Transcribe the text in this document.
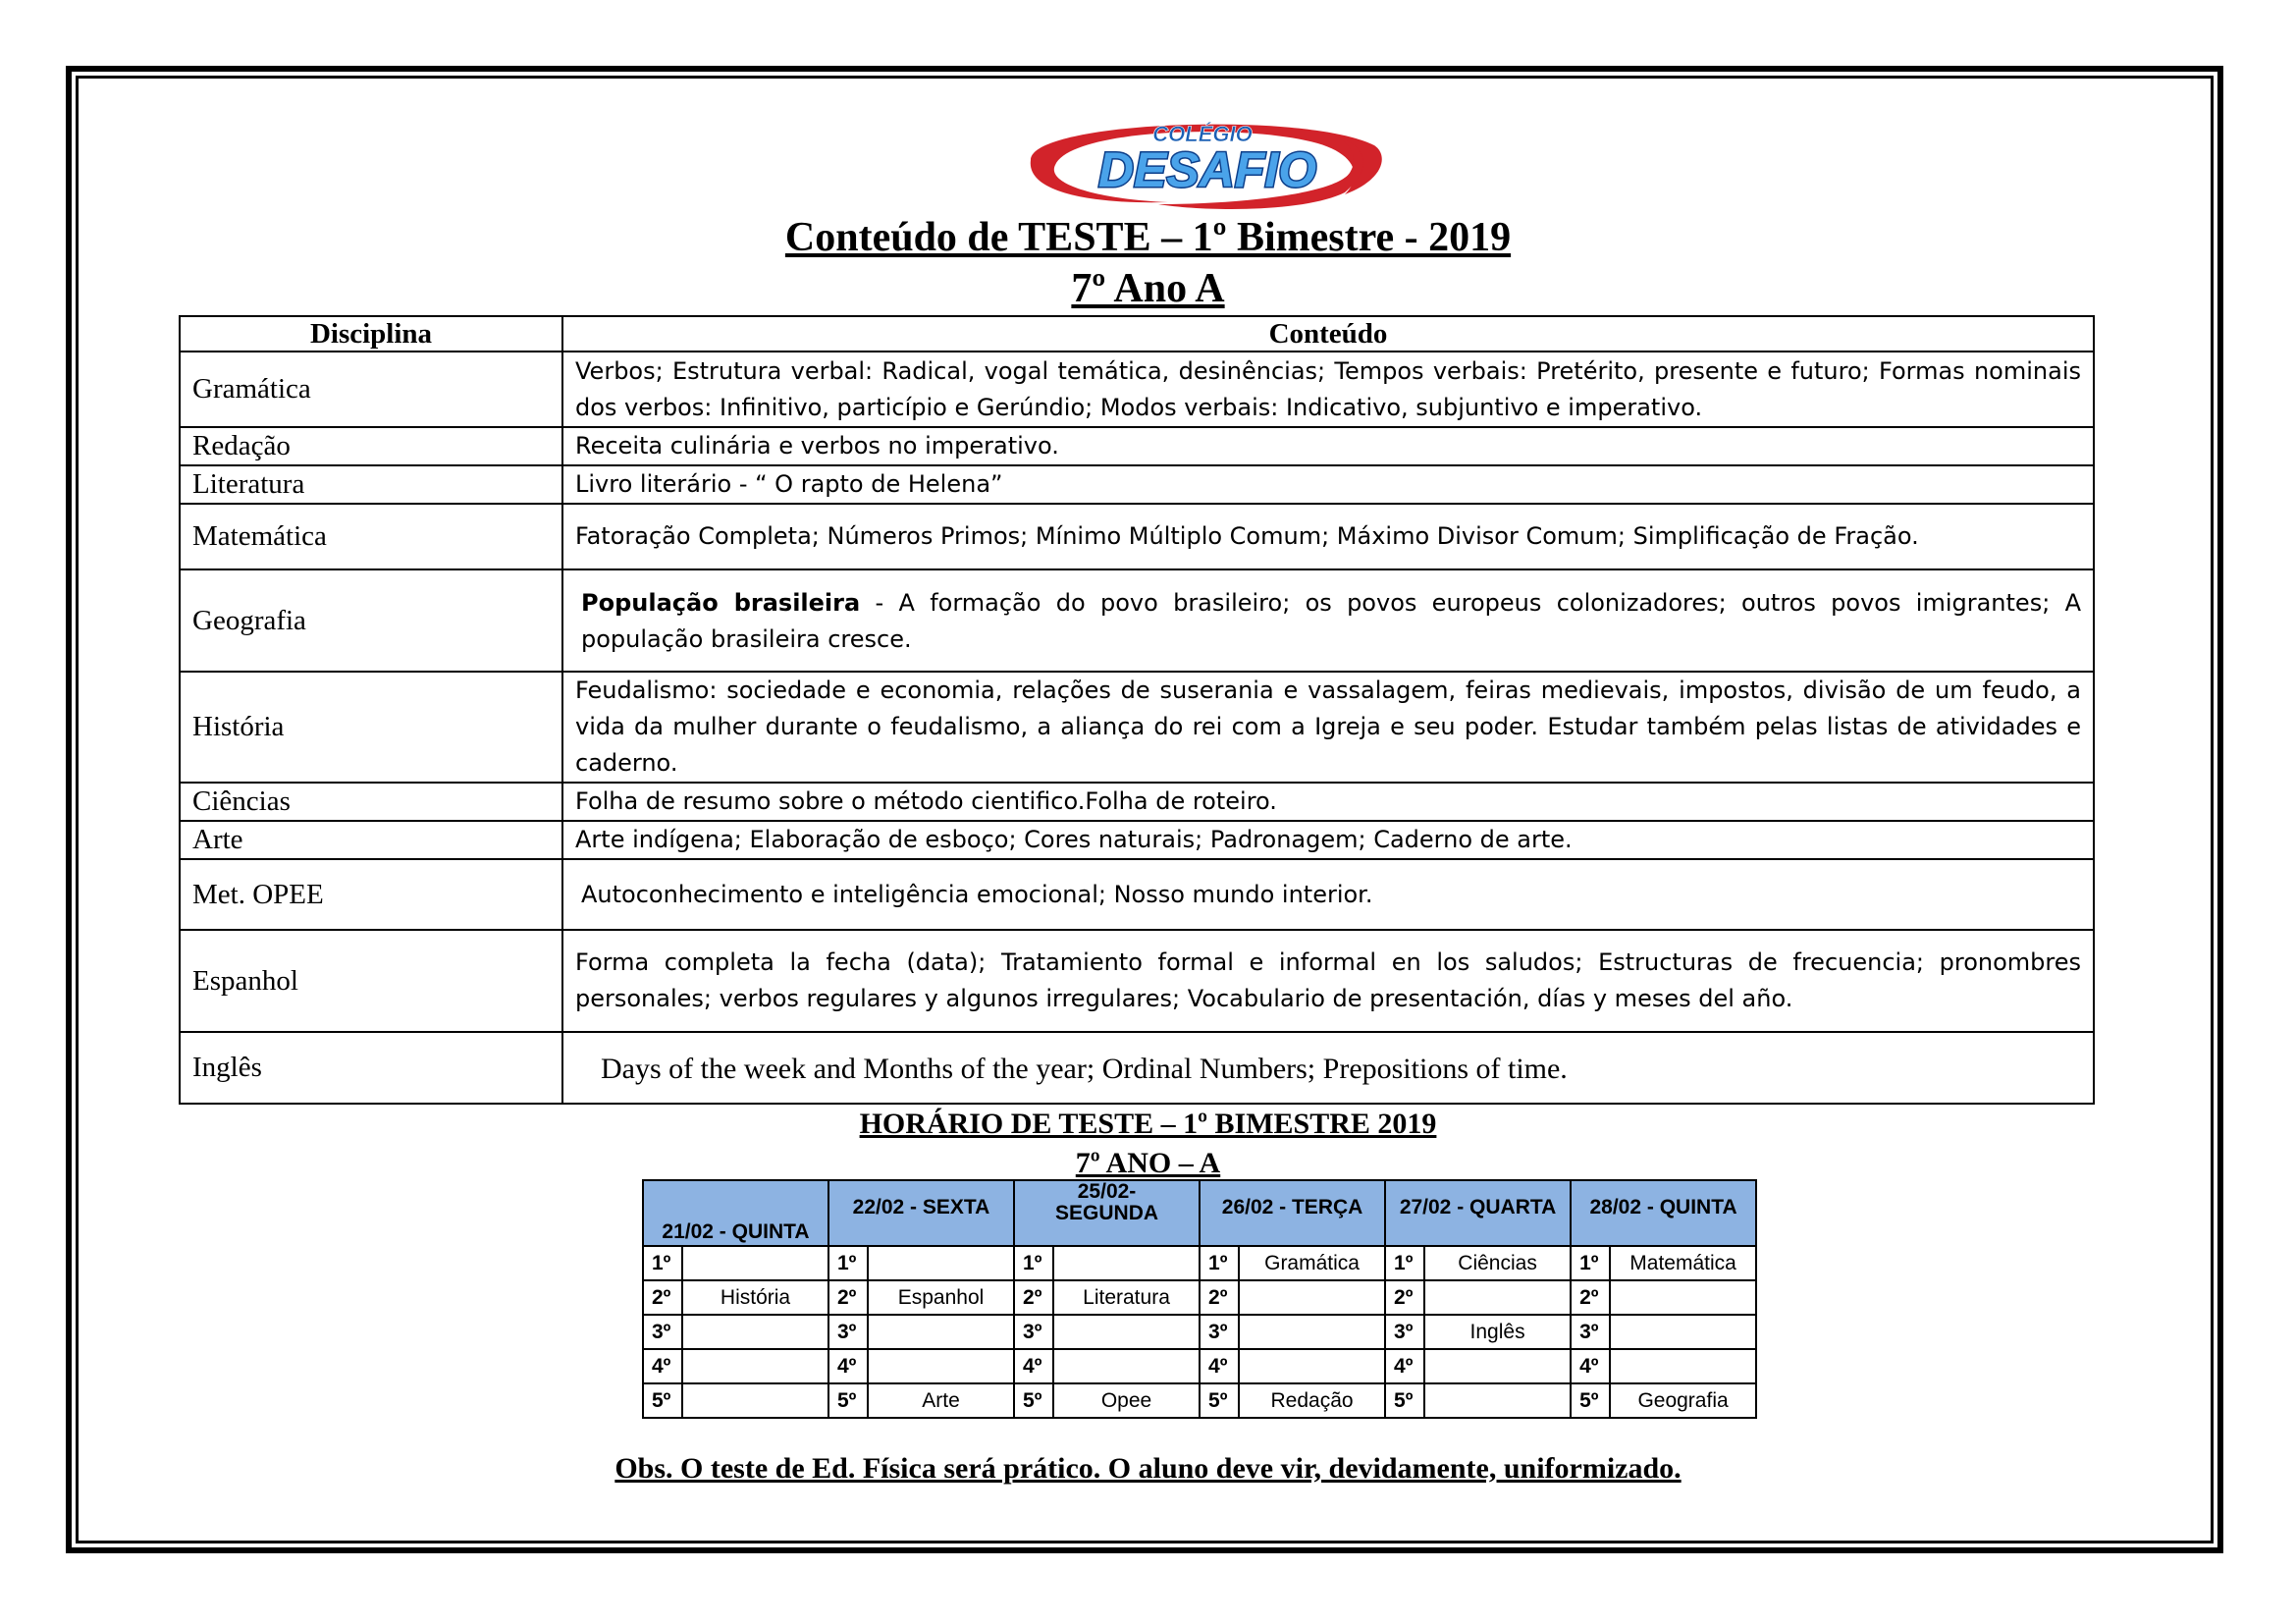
COLÉGIO
DESAFIO
Conteúdo de TESTE – 1º Bimestre - 2019
7º Ano A
Disciplina	Conteúdo
Gramática	Verbos; Estrutura verbal: Radical, vogal temática, desinências; Tempos verbais: Pretérito, presente e futuro; Formas nominais dos verbos: Infinitivo, particípio e Gerúndio; Modos verbais: Indicativo, subjuntivo e imperativo.
Redação	Receita culinária e verbos no imperativo.
Literatura	Livro literário - “ O rapto de Helena”
Matemática	Fatoração Completa; Números Primos; Mínimo Múltiplo Comum; Máximo Divisor Comum; Simplificação de Fração.
Geografia	População brasileira - A formação do povo brasileiro; os povos europeus colonizadores; outros povos imigrantes; A população brasileira cresce.
História	Feudalismo: sociedade e economia, relações de suserania e vassalagem, feiras medievais, impostos, divisão de um feudo, a vida da mulher durante o feudalismo, a aliança do rei com a Igreja e seu poder. Estudar também pelas listas de atividades e caderno.
Ciências	Folha de resumo sobre o método cientifico.Folha de roteiro.
Arte	Arte indígena; Elaboração de esboço; Cores naturais; Padronagem; Caderno de arte.
Met. OPEE	Autoconhecimento e inteligência emocional; Nosso mundo interior.
Espanhol	Forma completa la fecha (data); Tratamiento formal e informal en los saludos; Estructuras de frecuencia; pronombres personales; verbos regulares y algunos irregulares; Vocabulario de presentación, días y meses del año.
Inglês	Days of the week and Months of the year; Ordinal Numbers; Prepositions of time.
HORÁRIO DE TESTE – 1º BIMESTRE 2019
7º ANO – A
21/02 - QUINTA		22/02 - SEXTA		25/02-
SEGUNDA		26/02 - TERÇA		27/02 - QUARTA		28/02 - QUINTA	
1º		1º		1º		1º	Gramática	1º	Ciências	1º	Matemática
2º	História	2º	Espanhol	2º	Literatura	2º		2º		2º	
3º		3º		3º		3º		3º	Inglês	3º	
4º		4º		4º		4º		4º		4º	
5º		5º	Arte	5º	Opee	5º	Redação	5º		5º	Geografia
Obs. O teste de Ed. Física será prático. O aluno deve vir, devidamente, uniformizado.
